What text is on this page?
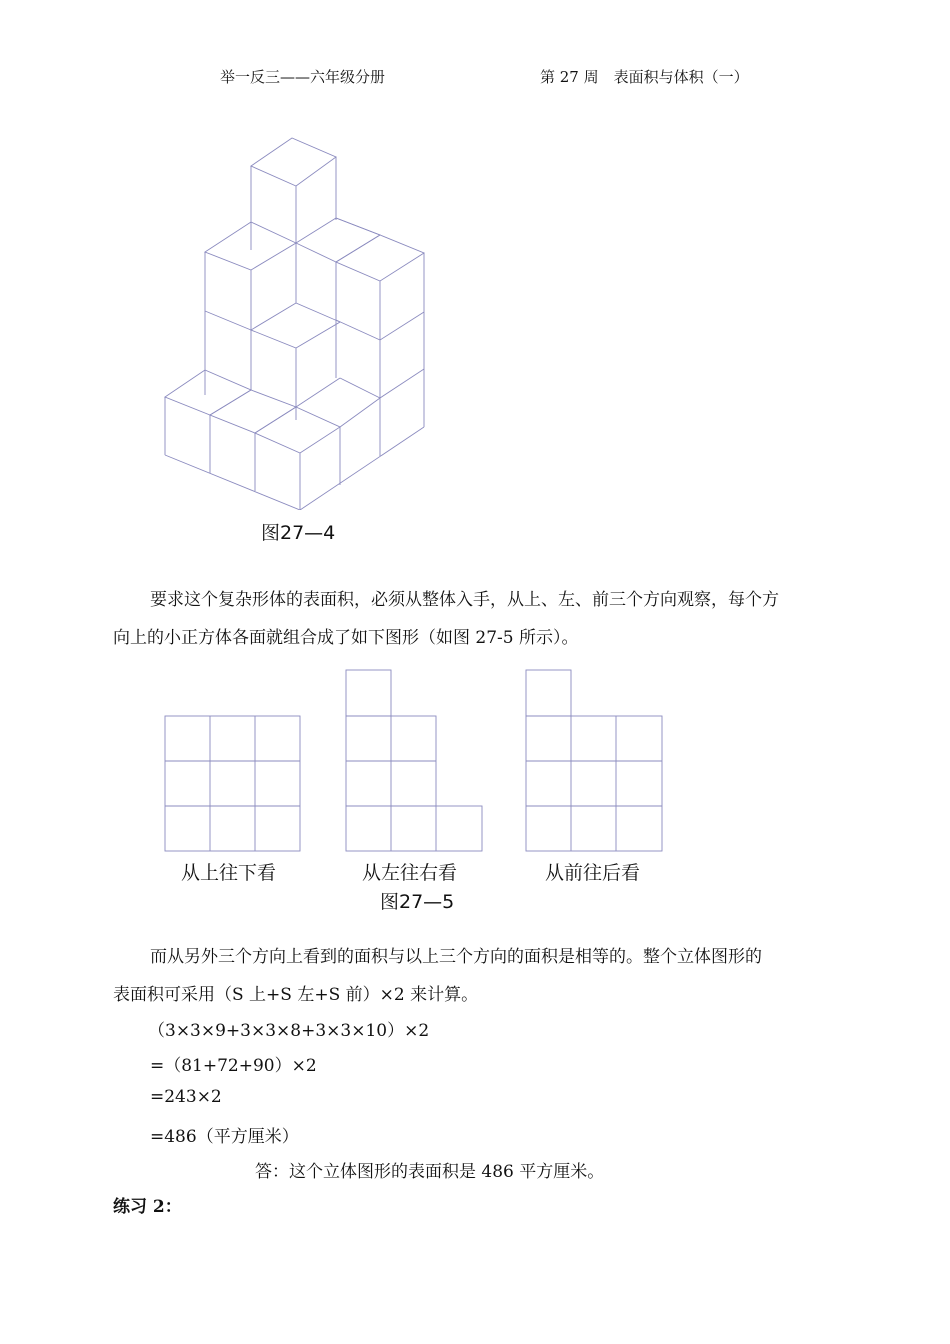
举一反三——六年级分册	第 27 周　表面积与体积（一）
图27—4
要求这个复杂形体的表面积，必须从整体入手，从上、左、前三个方向观察，每个方
向上的小正方体各面就组合成了如下图形（如图 27-5 所示）。
从上往下看	从左往右看	从前往后看
图27—5
而从另外三个方向上看到的面积与以上三个方向的面积是相等的。整个立体图形的
表面积可采用（S 上+S 左+S 前）×2 来计算。
（3×3×9+3×3×8+3×3×10）×2
=（81+72+90）×2
=243×2
=486（平方厘米）
答：这个立体图形的表面积是 486 平方厘米。
练习 2：
